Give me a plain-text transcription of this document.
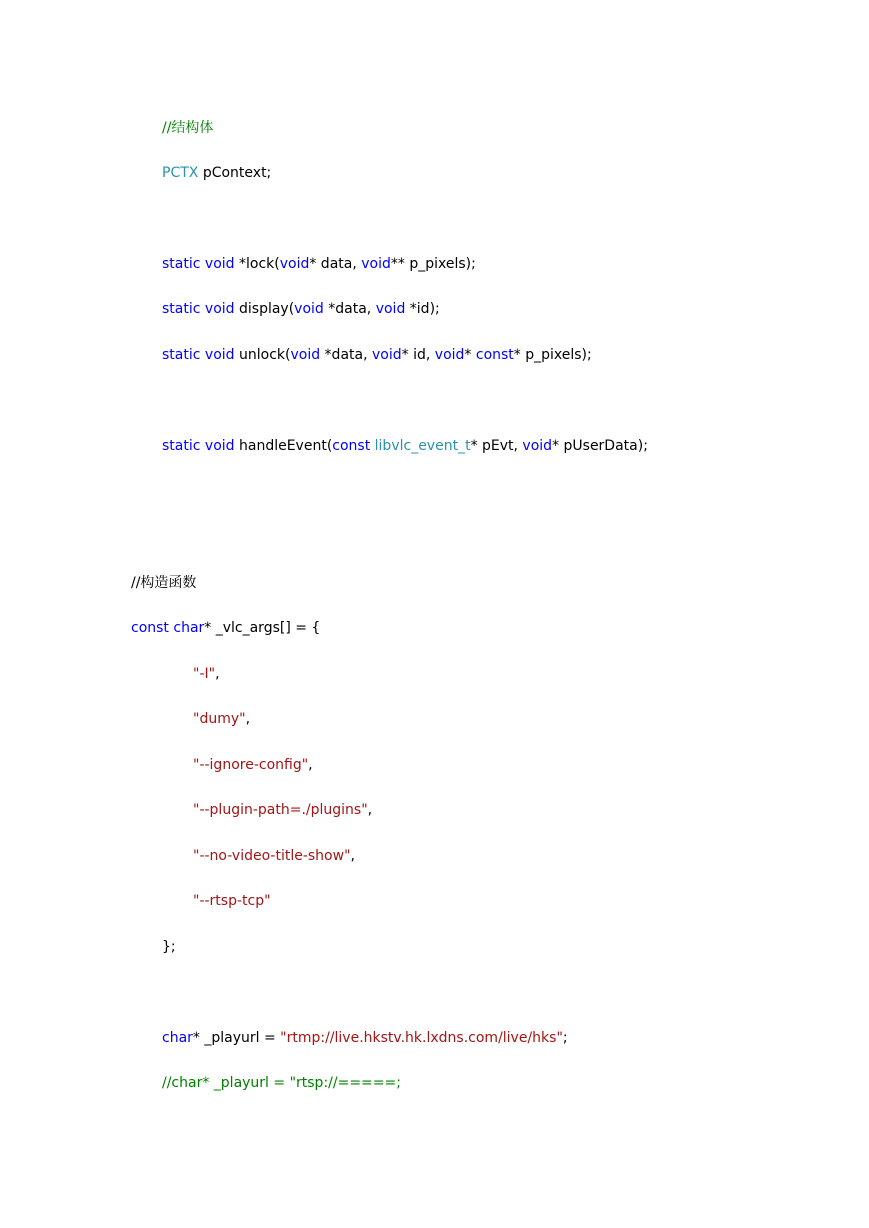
//结构体
PCTX pContext;
static void *lock(void* data, void** p_pixels);
static void display(void *data, void *id);
static void unlock(void *data, void* id, void* const* p_pixels);
static void handleEvent(const libvlc_event_t* pEvt, void* pUserData);
//构造函数
const char* _vlc_args[] = {
"-I",
"dumy",
"--ignore-config",
"--plugin-path=./plugins",
"--no-video-title-show",
"--rtsp-tcp"
};
char* _playurl = "rtmp://live.hkstv.hk.lxdns.com/live/hks";
//char* _playurl = "rtsp://=====;
